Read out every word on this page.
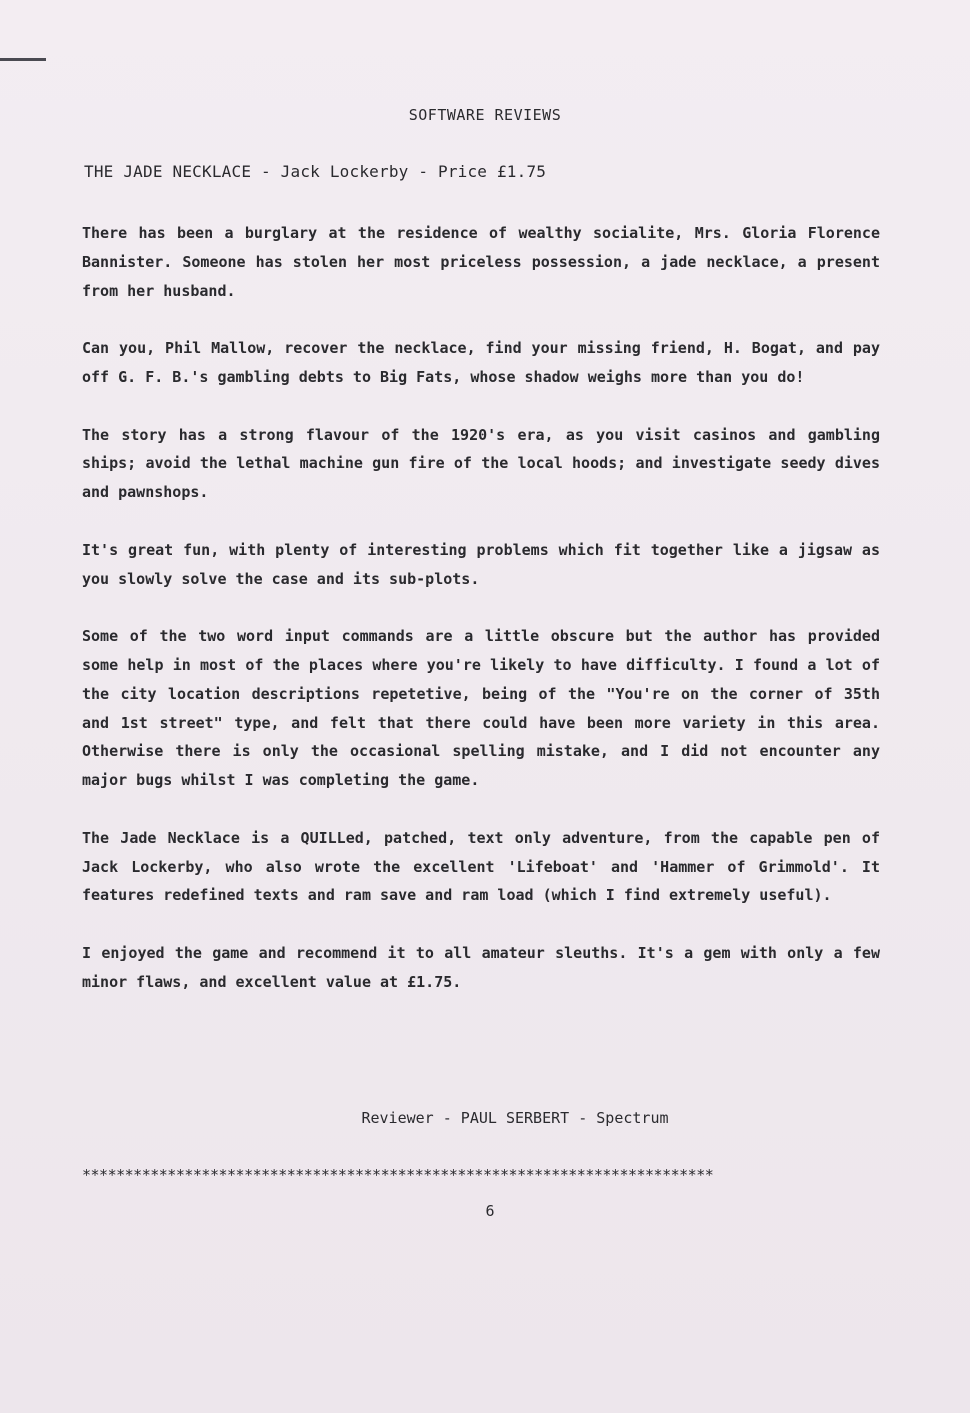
SOFTWARE REVIEWS
THE JADE NECKLACE - Jack Lockerby - Price £1.75

There has been a burglary at the residence of wealthy socialite, Mrs. Gloria Florence Bannister. Someone has stolen her most priceless possession, a jade necklace, a present from her husband.

Can you, Phil Mallow, recover the necklace, find your missing friend, H. Bogat, and pay off G. F. B.'s gambling debts to Big Fats, whose shadow weighs more than you do!

The story has a strong flavour of the 1920's era, as you visit casinos and gambling ships; avoid the lethal machine gun fire of the local hoods; and investigate seedy dives and pawnshops.

It's great fun, with plenty of interesting problems which fit together like a jigsaw as you slowly solve the case and its sub-plots.

Some of the two word input commands are a little obscure but the author has provided some help in most of the places where you're likely to have difficulty. I found a lot of the city location descriptions repetetive, being of the "You're on the corner of 35th and 1st street" type, and felt that there could have been more variety in this area. Otherwise there is only the occasional spelling mistake, and I did not encounter any major bugs whilst I was completing the game.

The Jade Necklace is a QUILLed, patched, text only adventure, from the capable pen of Jack Lockerby, who also wrote the excellent 'Lifeboat' and 'Hammer of Grimmold'. It features redefined texts and ram save and ram load (which I find extremely useful).

I enjoyed the game and recommend it to all amateur sleuths. It's a gem with only a few minor flaws, and excellent value at £1.75.

Reviewer - PAUL SERBERT - Spectrum
**************************************************************************
6
